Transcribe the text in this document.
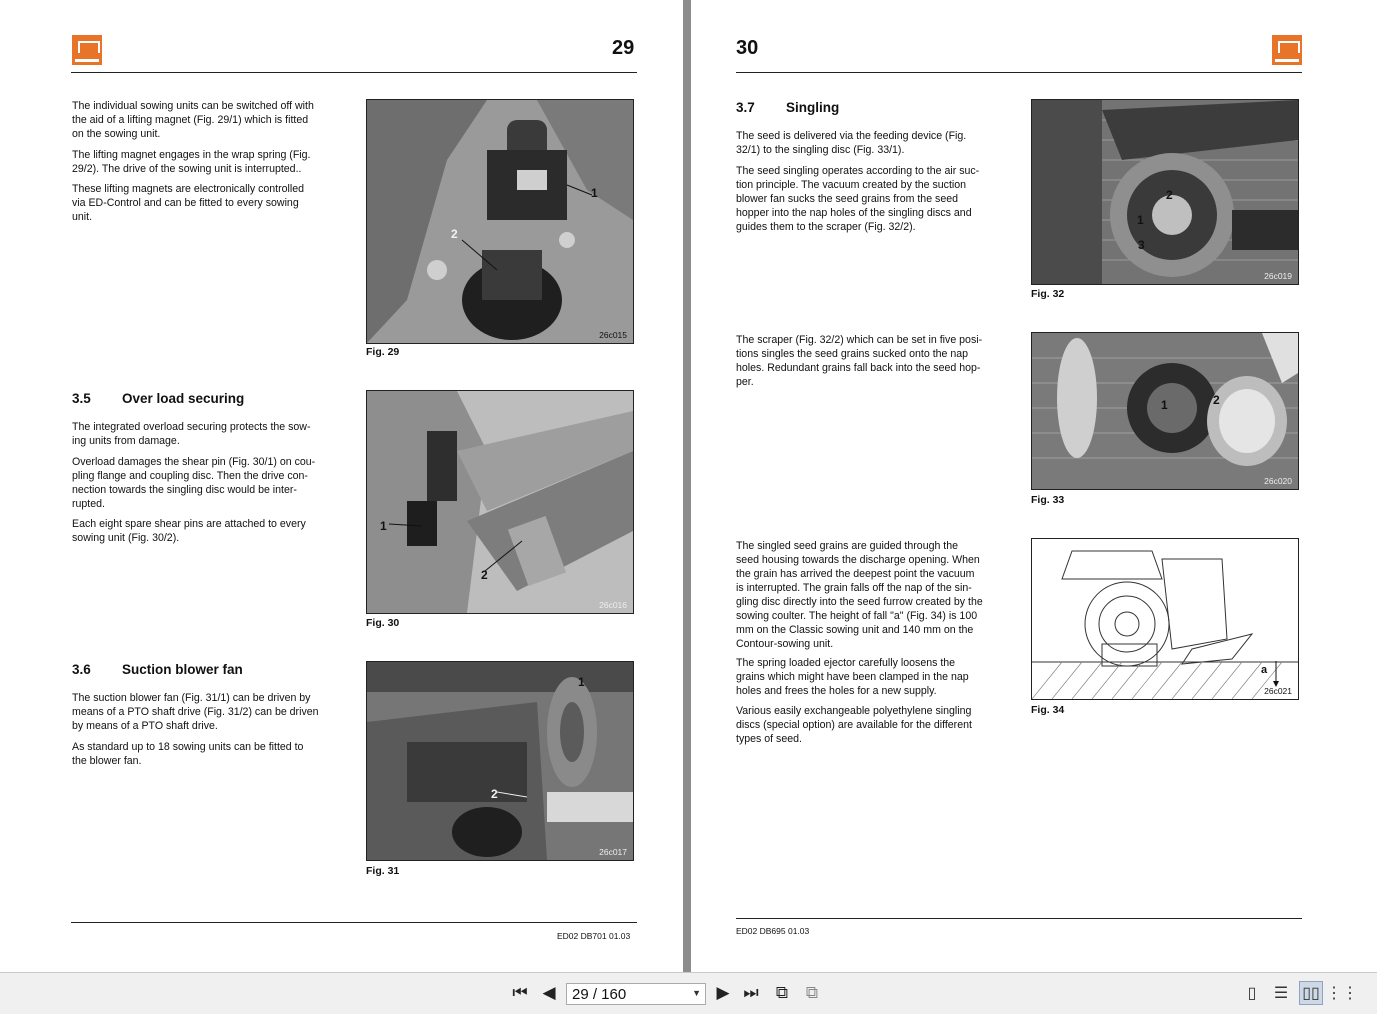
29

The individual sowing units can be switched off with
the aid of a lifting magnet (Fig. 29/1) which is fitted
on the sowing unit.

The lifting magnet engages in the wrap spring (Fig.
29/2). The drive of the sowing unit is interrupted..

These lifting magnets are electronically controlled
via ED-Control and can be fitted to every sowing
unit.

1
2
26c015
Fig. 29
3.5 Over load securing

The integrated overload securing protects the sow-
ing units from damage.

Overload damages the shear pin (Fig. 30/1) on cou-
pling flange and coupling disc. Then the drive con-
nection towards the singling disc would be inter-
rupted.

Each eight spare shear pins are attached to every
sowing unit (Fig. 30/2).

1
2
26c016
Fig. 30
3.6 Suction blower fan

The suction blower fan (Fig. 31/1) can be driven by
means of a PTO shaft drive (Fig. 31/2) can be driven
by means of a PTO shaft drive.

As standard up to 18 sowing units can be fitted to
the blower fan.

1
2
26c017
Fig. 31
ED02 DB701 01.03
30
3.7 Singling

The seed is delivered via the feeding device (Fig.
32/1) to the singling disc (Fig. 33/1).

The seed singling operates according to the air suc-
tion principle. The vacuum created by the suction
blower fan sucks the seed grains from the seed
hopper into the nap holes of the singling discs and
guides them to the scraper (Fig. 32/2).	1
2
3
26c019
Fig. 32

The scraper (Fig. 32/2) which can be set in five posi-
tions singles the seed grains sucked onto the nap
holes. Redundant grains fall back into the seed hop-
per.

1	2
26c020
Fig. 33

The singled seed grains are guided through the
seed housing towards the discharge opening. When
the grain has arrived the deepest point the vacuum
is interrupted. The grain falls off the nap of the sin-
gling disc directly into the seed furrow created by the
sowing coulter. The height of fall "a" (Fig. 34) is 100
mm on the Classic sowing unit and 140 mm on the
Contour-sowing unit.

The spring loaded ejector carefully loosens the
grains which might have been clamped in the nap
holes and frees the holes for a new supply.

Various easily exchangeable polyethylene singling
discs (special option) are available for the different
types of seed.

a
26c021
Fig. 34
ED02 DB695 01.03
⏮ ◀ 29 / 160	▼ ▶ ⏭ ⧉ ⧉	▯	☰ ▯▯ ⋮⋮
